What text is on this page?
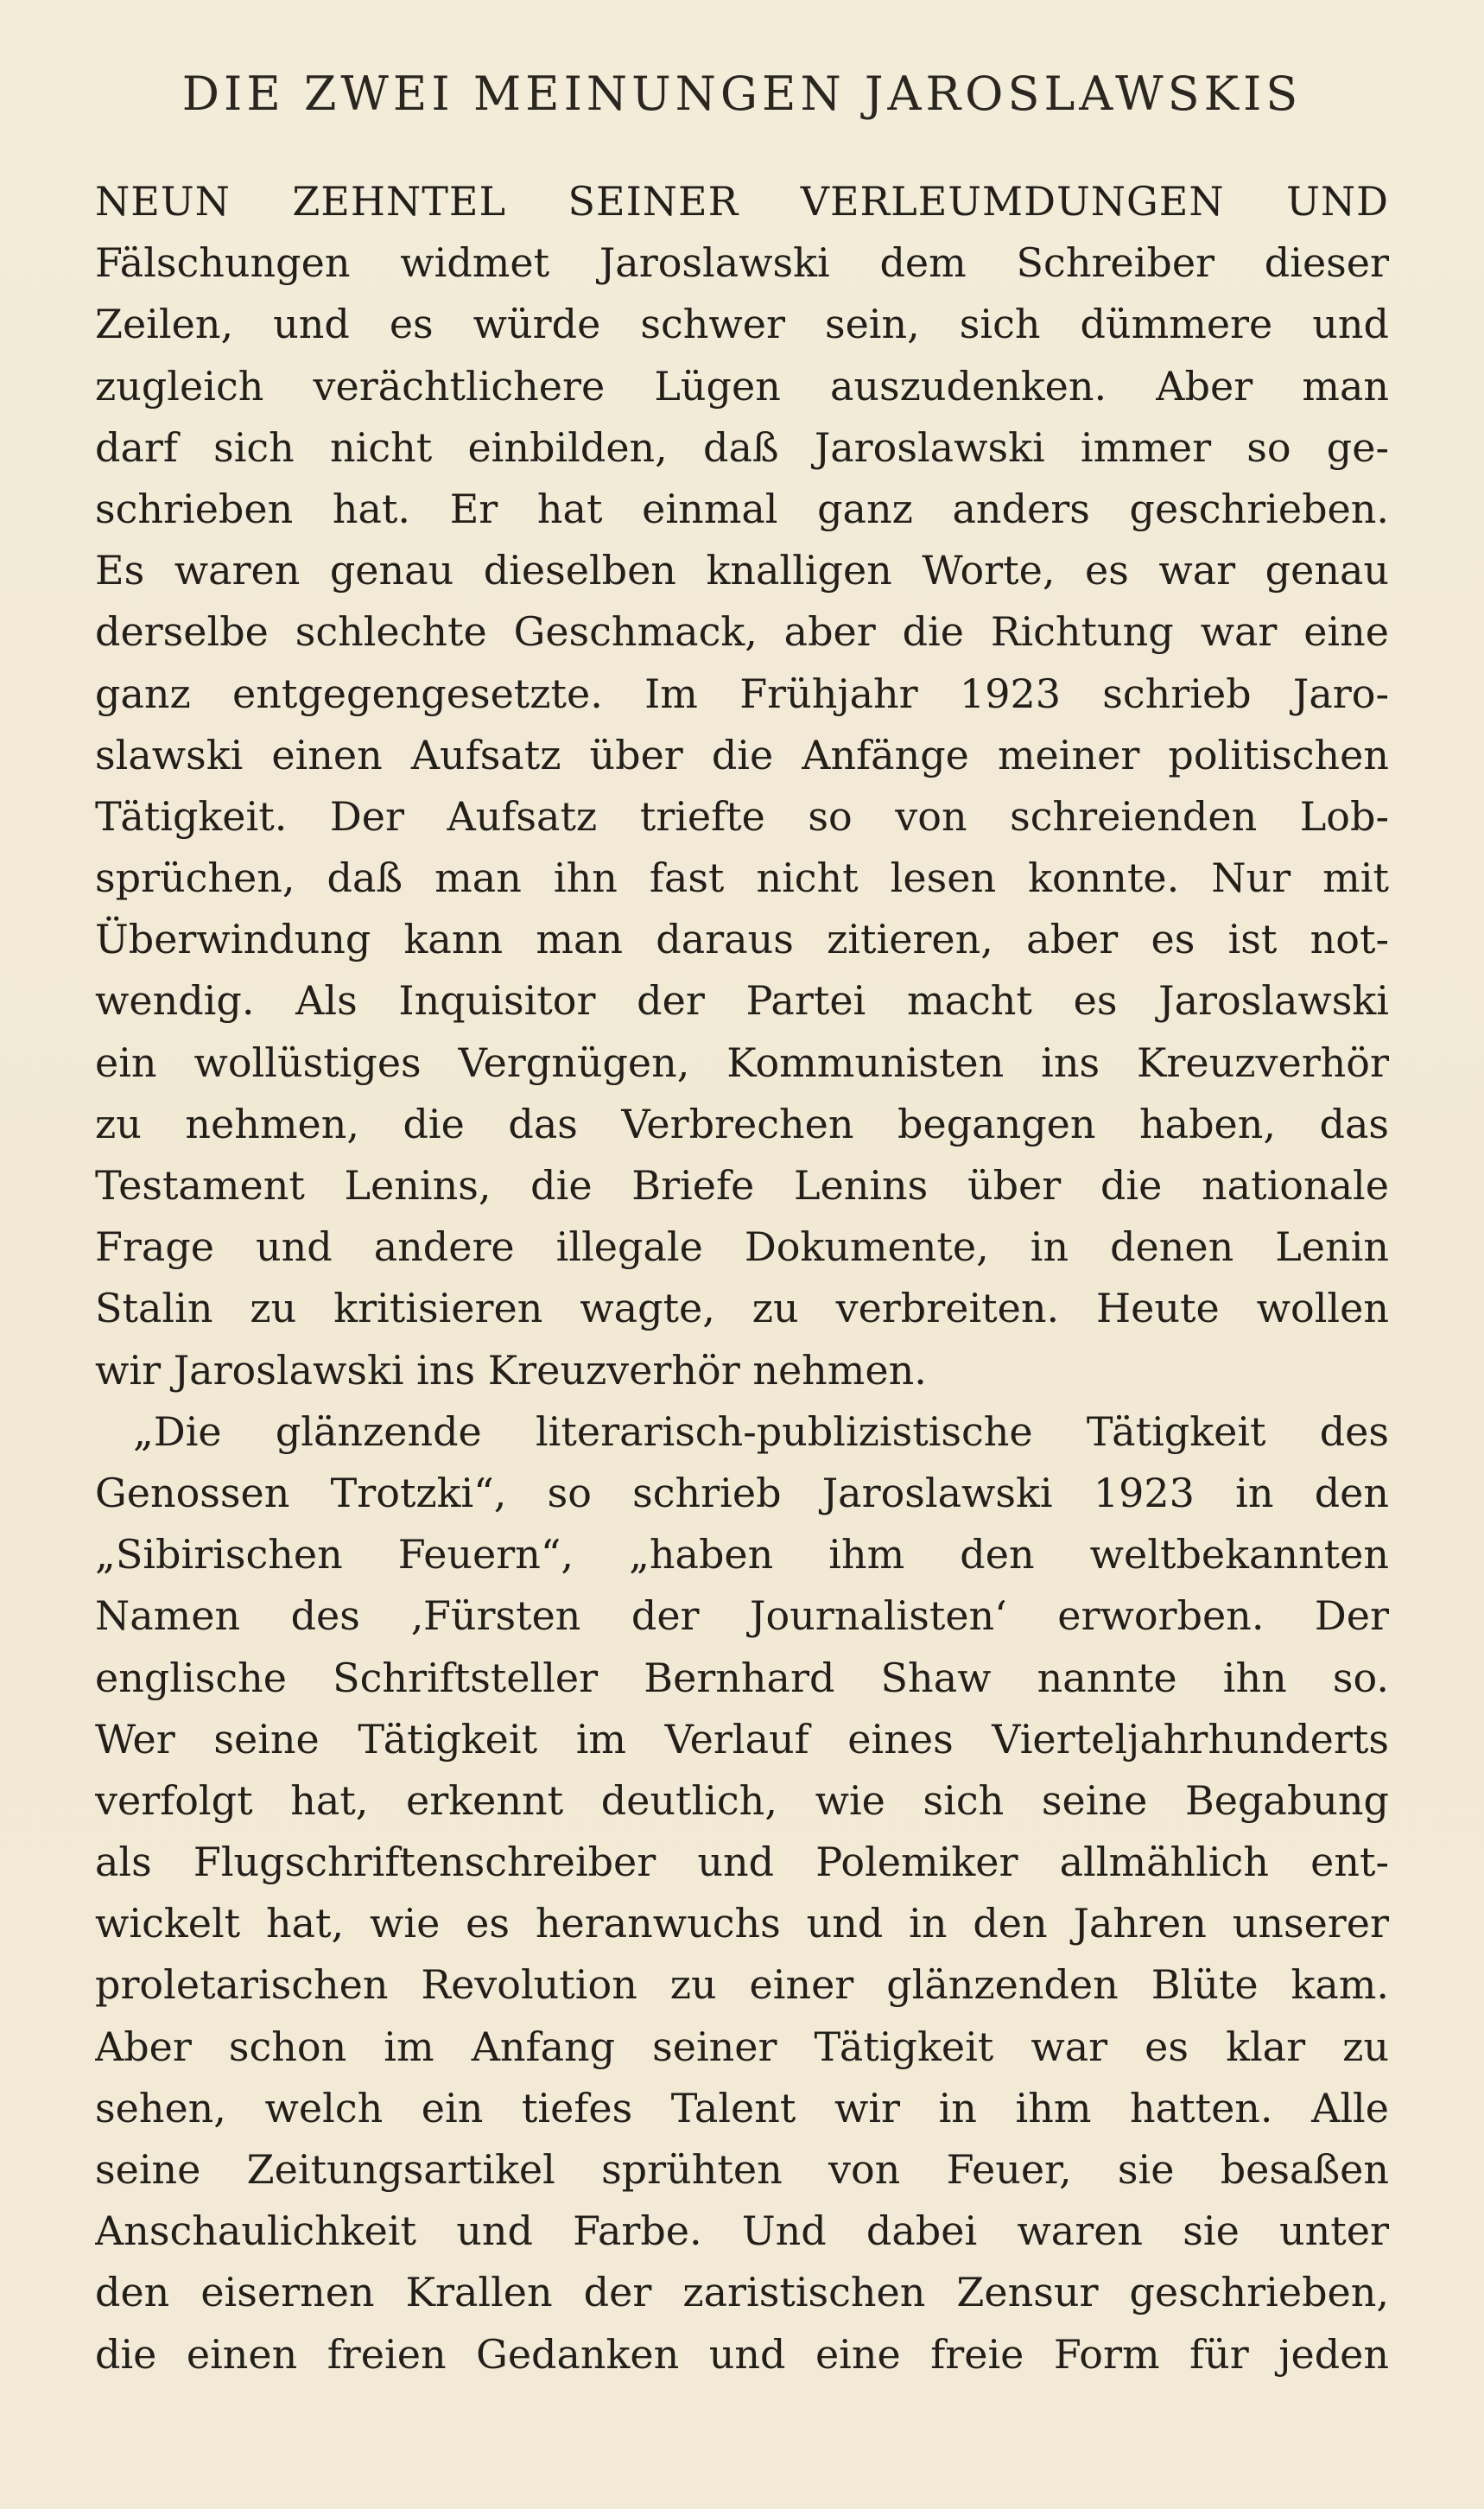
DIE ZWEI MEINUNGEN JAROSLAWSKIS
NEUN ZEHNTEL SEINER VERLEUMDUNGEN UND
Fälschungen widmet Jaroslawski dem Schreiber dieser
Zeilen, und es würde schwer sein, sich dümmere und
zugleich verächtlichere Lügen auszudenken. Aber man
darf sich nicht einbilden, daß Jaroslawski immer so ge-
schrieben hat. Er hat einmal ganz anders geschrieben.
Es waren genau dieselben knalligen Worte, es war genau
derselbe schlechte Geschmack, aber die Richtung war eine
ganz entgegengesetzte. Im Frühjahr 1923 schrieb Jaro-
slawski einen Aufsatz über die Anfänge meiner politischen
Tätigkeit. Der Aufsatz triefte so von schreienden Lob-
sprüchen, daß man ihn fast nicht lesen konnte. Nur mit
Überwindung kann man daraus zitieren, aber es ist not-
wendig. Als Inquisitor der Partei macht es Jaroslawski
ein wollüstiges Vergnügen, Kommunisten ins Kreuzverhör
zu nehmen, die das Verbrechen begangen haben, das
Testament Lenins, die Briefe Lenins über die nationale
Frage und andere illegale Dokumente, in denen Lenin
Stalin zu kritisieren wagte, zu verbreiten. Heute wollen
wir Jaroslawski ins Kreuzverhör nehmen.
„Die glänzende literarisch-publizistische Tätigkeit des
Genossen Trotzki“, so schrieb Jaroslawski 1923 in den
„Sibirischen Feuern“, „haben ihm den weltbekannten
Namen des ‚Fürsten der Journalisten‘ erworben. Der
englische Schriftsteller Bernhard Shaw nannte ihn so.
Wer seine Tätigkeit im Verlauf eines Vierteljahrhunderts
verfolgt hat, erkennt deutlich, wie sich seine Begabung
als Flugschriftenschreiber und Polemiker allmählich ent-
wickelt hat, wie es heranwuchs und in den Jahren unserer
proletarischen Revolution zu einer glänzenden Blüte kam.
Aber schon im Anfang seiner Tätigkeit war es klar zu
sehen, welch ein tiefes Talent wir in ihm hatten. Alle
seine Zeitungsartikel sprühten von Feuer, sie besaßen
Anschaulichkeit und Farbe. Und dabei waren sie unter
den eisernen Krallen der zaristischen Zensur geschrieben,
die einen freien Gedanken und eine freie Form für jeden
